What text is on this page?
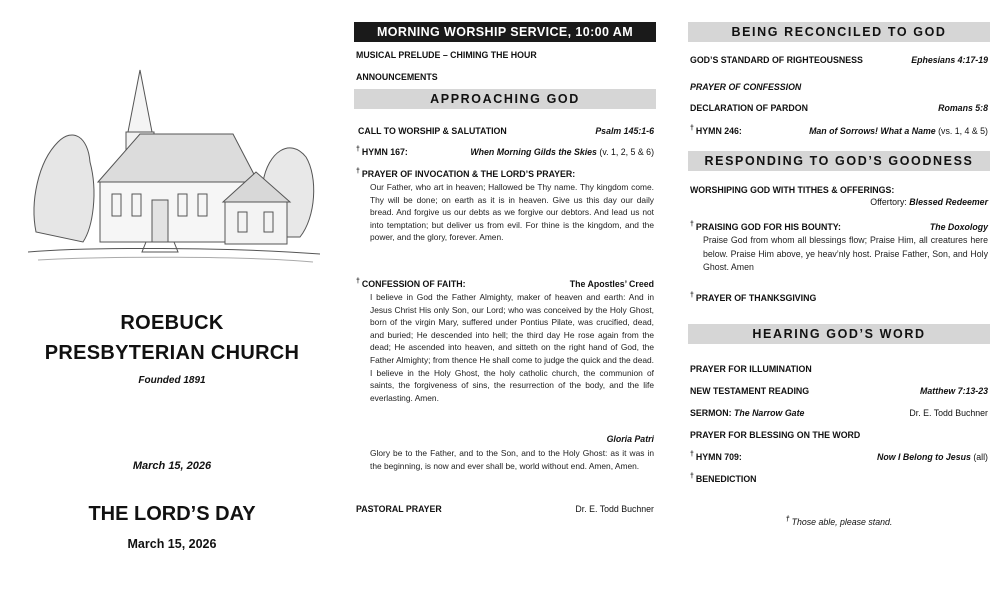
ROEBUCK
PRESBYTERIAN CHURCH
Founded 1891
March 15, 2026
THE LORD’S DAY
March 15, 2026
MORNING WORSHIP SERVICE, 10:00 AM
MUSICAL PRELUDE – CHIMING THE HOUR
ANNOUNCEMENTS
APPROACHING GOD
CALL TO WORSHIP & SALUTATION	Psalm 145:1-6
† HYMN 167:	When Morning Gilds the Skies (v. 1, 2, 5 & 6)
† PRAYER OF INVOCATION & THE LORD’S PRAYER:
Our Father, who art in heaven; Hallowed be Thy name. Thy kingdom come. Thy will be done; on earth as it is in heaven. Give us this day our daily bread. And forgive us our debts as we forgive our debtors. And lead us not into temptation; but deliver us from evil. For thine is the kingdom, and the power, and the glory, forever. Amen.
† CONFESSION OF FAITH:	The Apostles’ Creed
I believe in God the Father Almighty, maker of heaven and earth: And in Jesus Christ His only Son, our Lord; who was conceived by the Holy Ghost, born of the virgin Mary, suffered under Pontius Pilate, was crucified, dead, and buried; He descended into hell; the third day He rose again from the dead; He ascended into heaven, and sitteth on the right hand of God, the Father Almighty; from thence He shall come to judge the quick and the dead. I believe in the Holy Ghost, the holy catholic church, the communion of saints, the forgiveness of sins, the resurrection of the body, and the life everlasting. Amen.
Gloria Patri
Glory be to the Father, and to the Son, and to the Holy Ghost: as it was in the beginning, is now and ever shall be, world without end. Amen, Amen.
PASTORAL PRAYER	Dr. E. Todd Buchner
BEING RECONCILED TO GOD
GOD’S STANDARD OF RIGHTEOUSNESS	Ephesians 4:17-19
PRAYER OF CONFESSION
DECLARATION OF PARDON	Romans 5:8
† HYMN 246:	Man of Sorrows! What a Name (vs. 1, 4 & 5)
RESPONDING TO GOD’S GOODNESS
WORSHIPING GOD WITH TITHES & OFFERINGS:
Offertory: Blessed Redeemer
† PRAISING GOD FOR HIS BOUNTY:	The Doxology
Praise God from whom all blessings flow; Praise Him, all creatures here below. Praise Him above, ye heav’nly host. Praise Father, Son, and Holy Ghost. Amen
† PRAYER OF THANKSGIVING
HEARING GOD’S WORD
PRAYER FOR ILLUMINATION
NEW TESTAMENT READING	Matthew 7:13-23
SERMON: The Narrow Gate	Dr. E. Todd Buchner
PRAYER FOR BLESSING ON THE WORD
† HYMN 709:	Now I Belong to Jesus (all)
† BENEDICTION
† Those able, please stand.
